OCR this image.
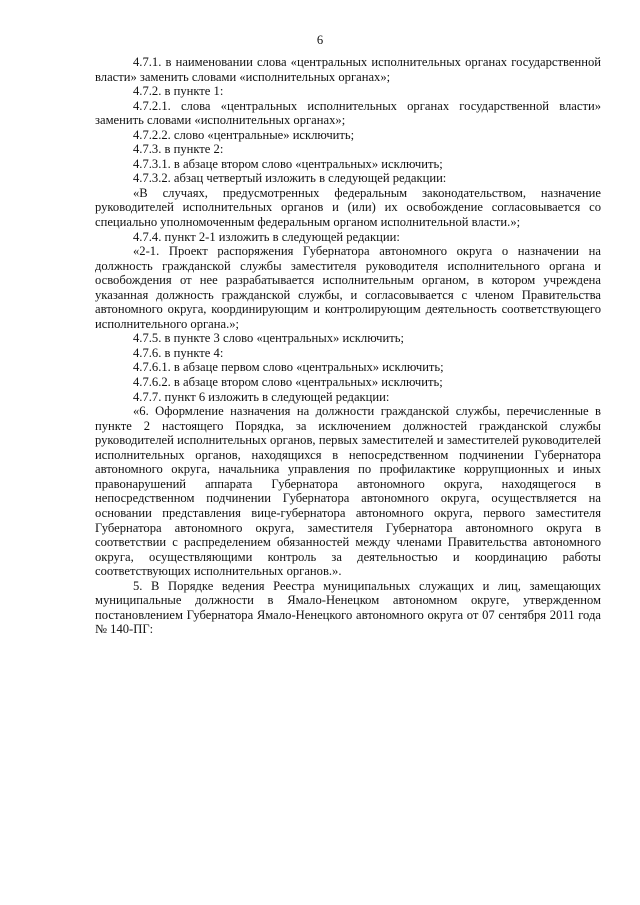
6

4.7.1. в наименовании слова «центральных исполнительных органах государственной власти» заменить словами «исполнительных органах»;

4.7.2. в пункте 1:

4.7.2.1. слова «центральных исполнительных органах государственной власти» заменить словами «исполнительных органах»;

4.7.2.2. слово «центральные» исключить;

4.7.3. в пункте 2:

4.7.3.1. в абзаце втором слово «центральных» исключить;

4.7.3.2. абзац четвертый изложить в следующей редакции:

«В случаях, предусмотренных федеральным законодательством, назначение руководителей исполнительных органов и (или) их освобождение согласовывается со специально уполномоченным федеральным органом исполнительной власти.»;

4.7.4. пункт 2-1 изложить в следующей редакции:

«2-1. Проект распоряжения Губернатора автономного округа о назначении на должность гражданской службы заместителя руководителя исполнительного органа и освобождения от нее разрабатывается исполнительным органом, в котором учреждена указанная должность гражданской службы, и согласовывается с членом Правительства автономного округа, координирующим и контролирующим деятельность соответствующего исполнительного органа.»;

4.7.5. в пункте 3 слово «центральных» исключить;

4.7.6. в пункте 4:

4.7.6.1. в абзаце первом слово «центральных» исключить;

4.7.6.2. в абзаце втором слово «центральных» исключить;

4.7.7. пункт 6 изложить в следующей редакции:

«6. Оформление назначения на должности гражданской службы, перечисленные в пункте 2 настоящего Порядка, за исключением должностей гражданской службы руководителей исполнительных органов, первых заместителей и заместителей руководителей исполнительных органов, находящихся в непосредственном подчинении Губернатора автономного округа, начальника управления по профилактике коррупционных и иных правонарушений аппарата Губернатора автономного округа, находящегося в непосредственном подчинении Губернатора автономного округа, осуществляется на основании представления вице-губернатора автономного округа, первого заместителя Губернатора автономного округа, заместителя Губернатора автономного округа в соответствии с распределением обязанностей между членами Правительства автономного округа, осуществляющими контроль за деятельностью и координацию работы соответствующих исполнительных органов.».

5. В Порядке ведения Реестра муниципальных служащих и лиц, замещающих муниципальные должности в Ямало-Ненецком автономном округе, утвержденном постановлением Губернатора Ямало-Ненецкого автономного округа от 07 сентября 2011 года № 140-ПГ:
